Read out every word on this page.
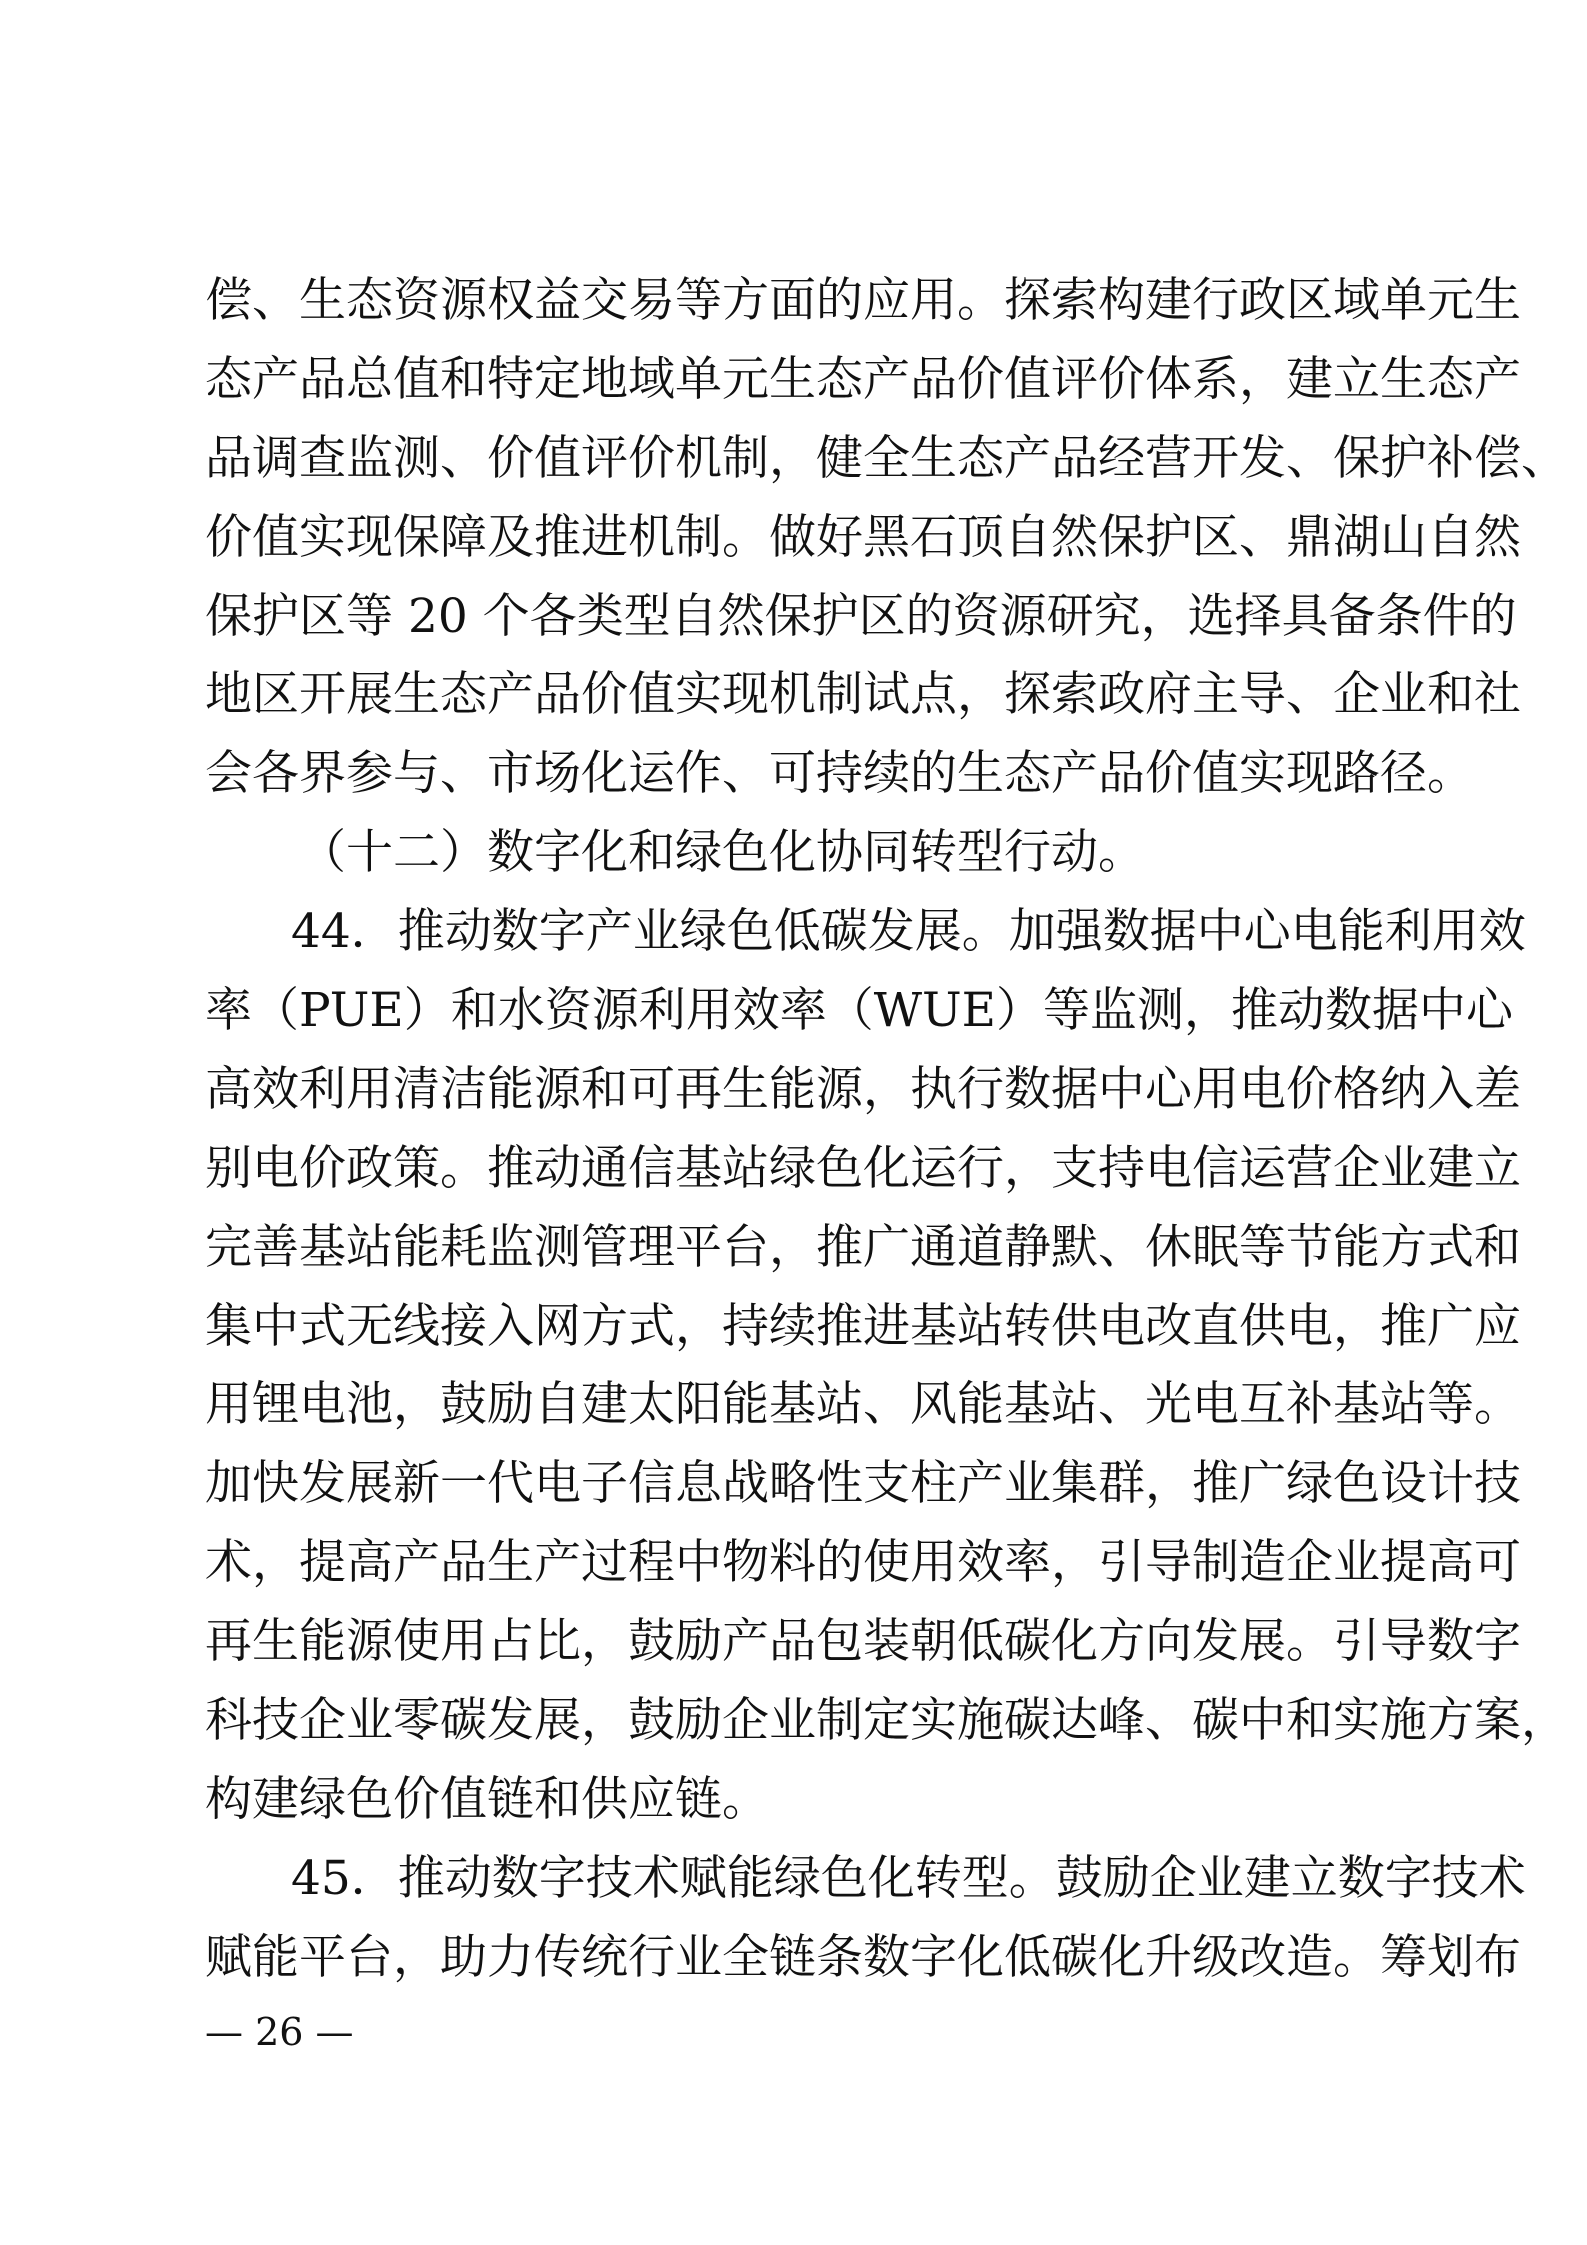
偿、生态资源权益交易等方面的应用。探索构建行政区域单元生
态产品总值和特定地域单元生态产品价值评价体系，建立生态产
品调查监测、价值评价机制，健全生态产品经营开发、保护补偿、
价值实现保障及推进机制。做好黑石顶自然保护区、鼎湖山自然
保护区等 20 个各类型自然保护区的资源研究，选择具备条件的
地区开展生态产品价值实现机制试点，探索政府主导、企业和社
会各界参与、市场化运作、可持续的生态产品价值实现路径。
（十二）数字化和绿色化协同转型行动。
44．推动数字产业绿色低碳发展。加强数据中心电能利用效
率（PUE）和水资源利用效率（WUE）等监测，推动数据中心
高效利用清洁能源和可再生能源，执行数据中心用电价格纳入差
别电价政策。推动通信基站绿色化运行，支持电信运营企业建立
完善基站能耗监测管理平台，推广通道静默、休眠等节能方式和
集中式无线接入网方式，持续推进基站转供电改直供电，推广应
用锂电池，鼓励自建太阳能基站、风能基站、光电互补基站等。
加快发展新一代电子信息战略性支柱产业集群，推广绿色设计技
术，提高产品生产过程中物料的使用效率，引导制造企业提高可
再生能源使用占比，鼓励产品包装朝低碳化方向发展。引导数字
科技企业零碳发展，鼓励企业制定实施碳达峰、碳中和实施方案，
构建绿色价值链和供应链。
45．推动数字技术赋能绿色化转型。鼓励企业建立数字技术
赋能平台，助力传统行业全链条数字化低碳化升级改造。筹划布
— 26 —
